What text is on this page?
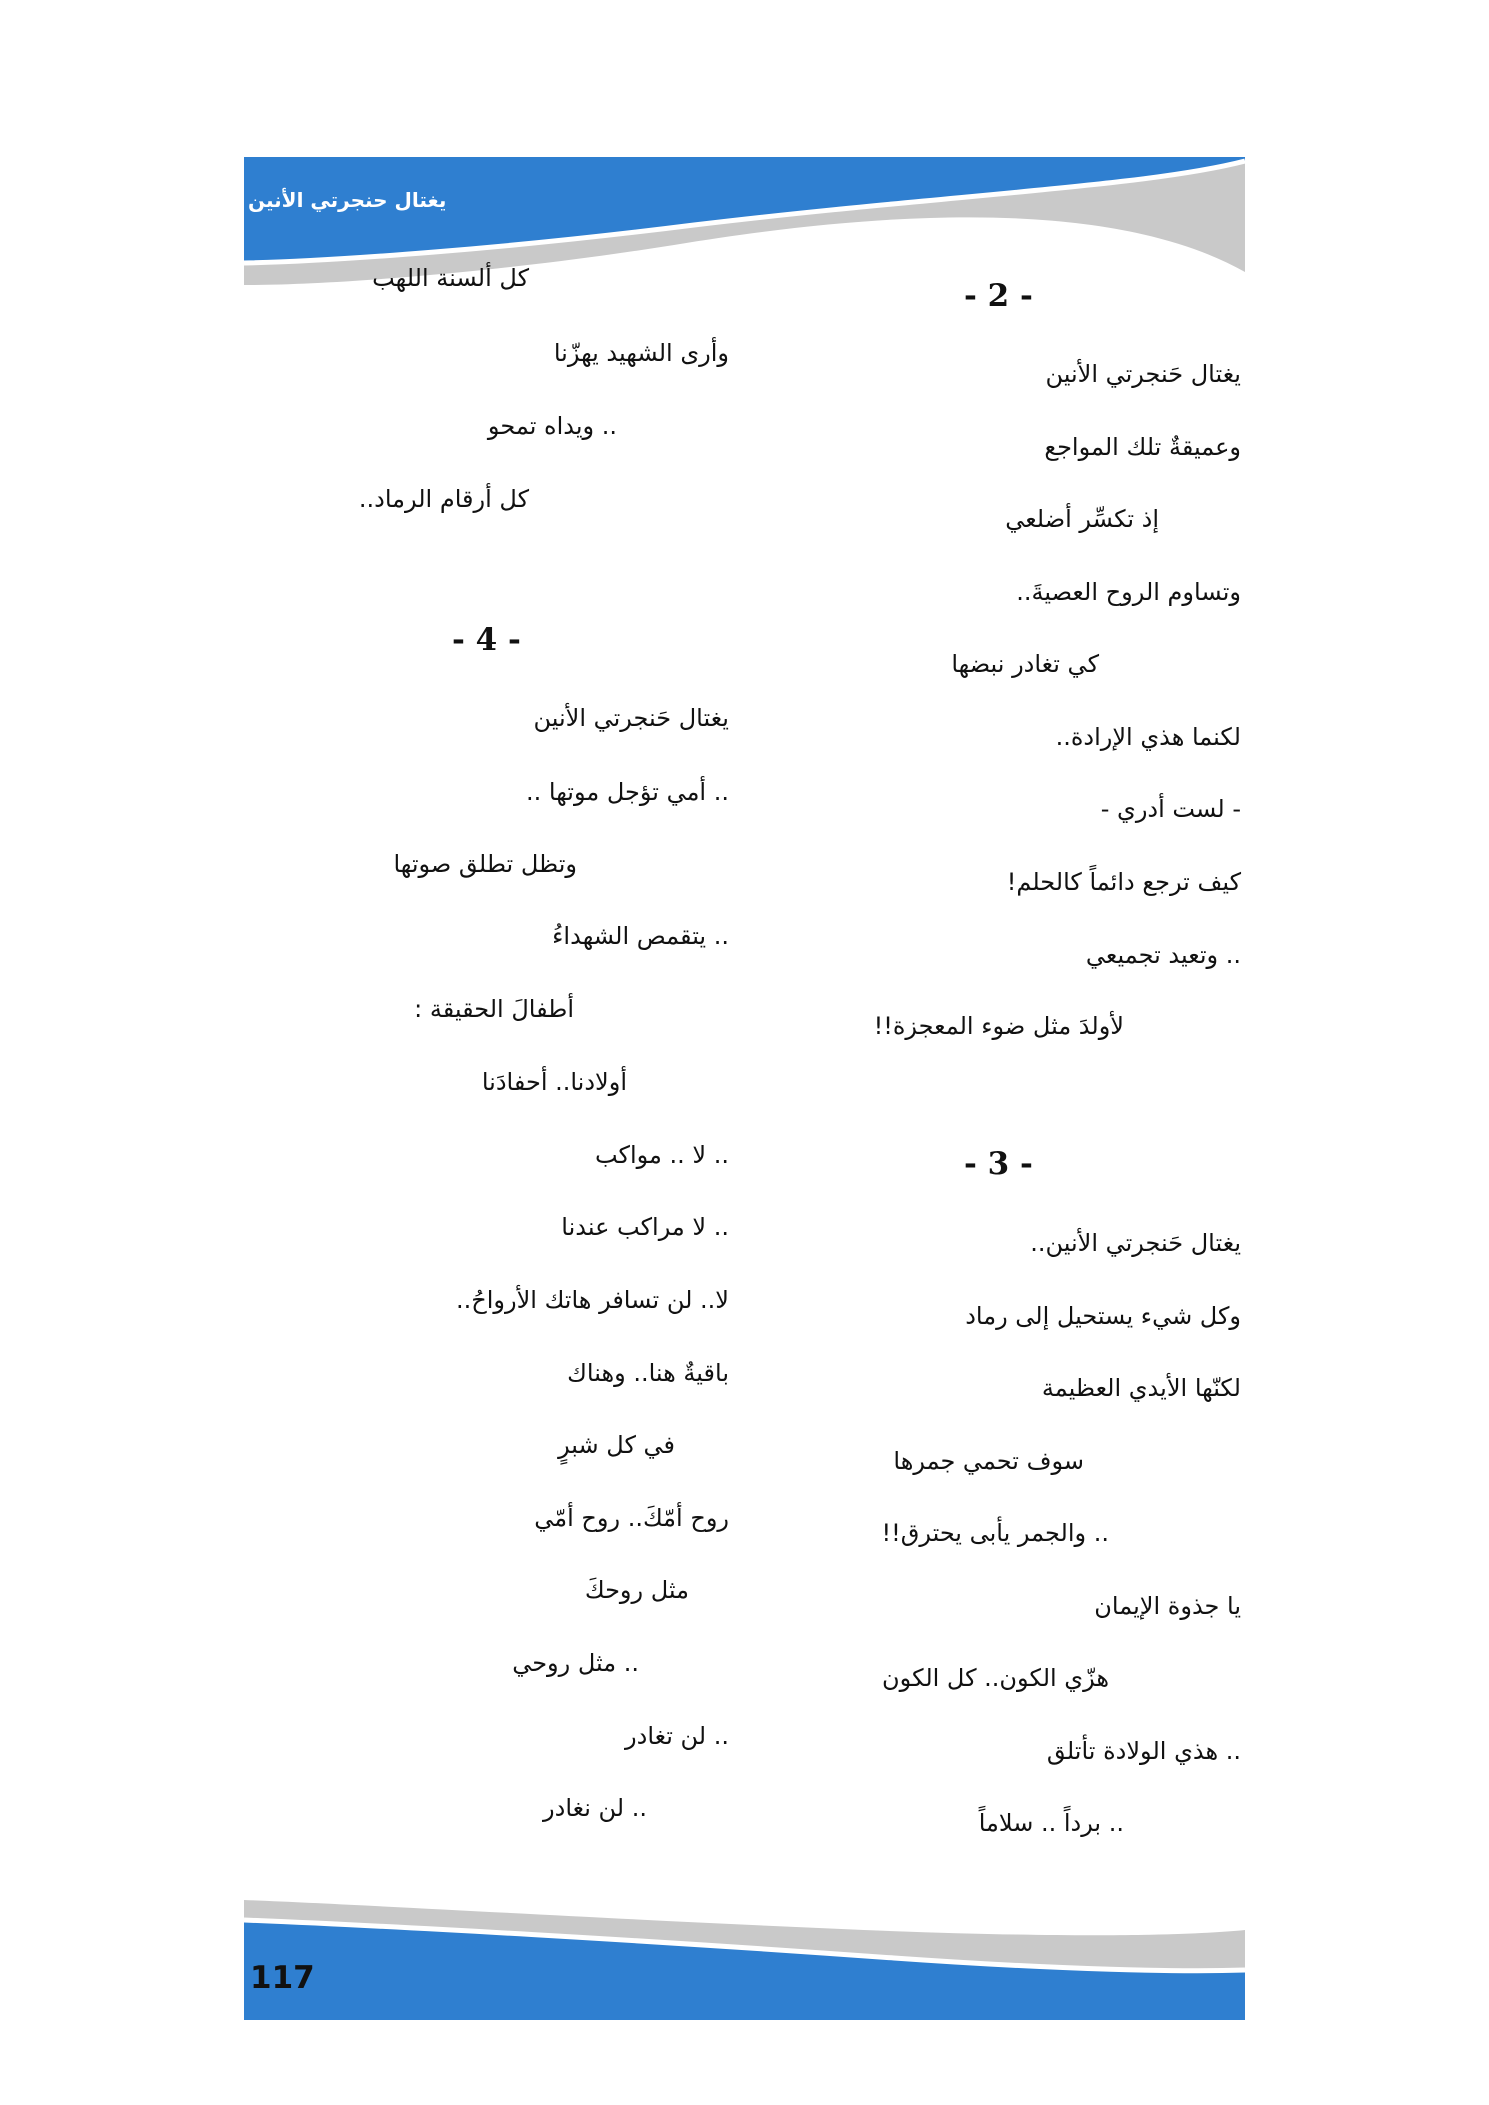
يغتال حنجرتي الأنين
117
كل ألسنة اللهب
وأرى الشهيد يهزّنا
.. ويداه تمحو
كل أرقام الرماد..
- 4 -
يغتال حَنجرتي الأنين
.. أمي تؤجل موتها ..
وتظل تطلق صوتها
.. يتقمص الشهداءُ
أطفالَ الحقيقة :
أولادنا.. أحفادَنا
.. لا .. مواكب
.. لا مراكب عندنا
لا.. لن تسافر هاتك الأرواحُ..
باقيةٌ هنا.. وهناك
في كل شبرٍ
روح أمّكَ.. روح أمّي
مثل روحكَ
.. مثل روحي
.. لن تغادر
.. لن نغادر
- 2 -
يغتال حَنجرتي الأنين
وعميقةٌ تلك المواجع
إذ تكسِّر أضلعي
وتساوم الروح العصيةَ..
كي تغادر نبضها
لكنما هذي الإرادة..
- لست أدري -
كيف ترجع دائماً كالحلم!
.. وتعيد تجميعي
لأولدَ مثل ضوء المعجزة!!
- 3 -
يغتال حَنجرتي الأنين..
وكل شيء يستحيل إلى رماد
لكنّها الأيدي العظيمة
سوف تحمي جمرها
.. والجمر يأبى يحترق!!
يا جذوة الإيمان
هزّي الكون.. كل الكون
.. هذي الولادة تأتلق
.. برداً .. سلاماً
